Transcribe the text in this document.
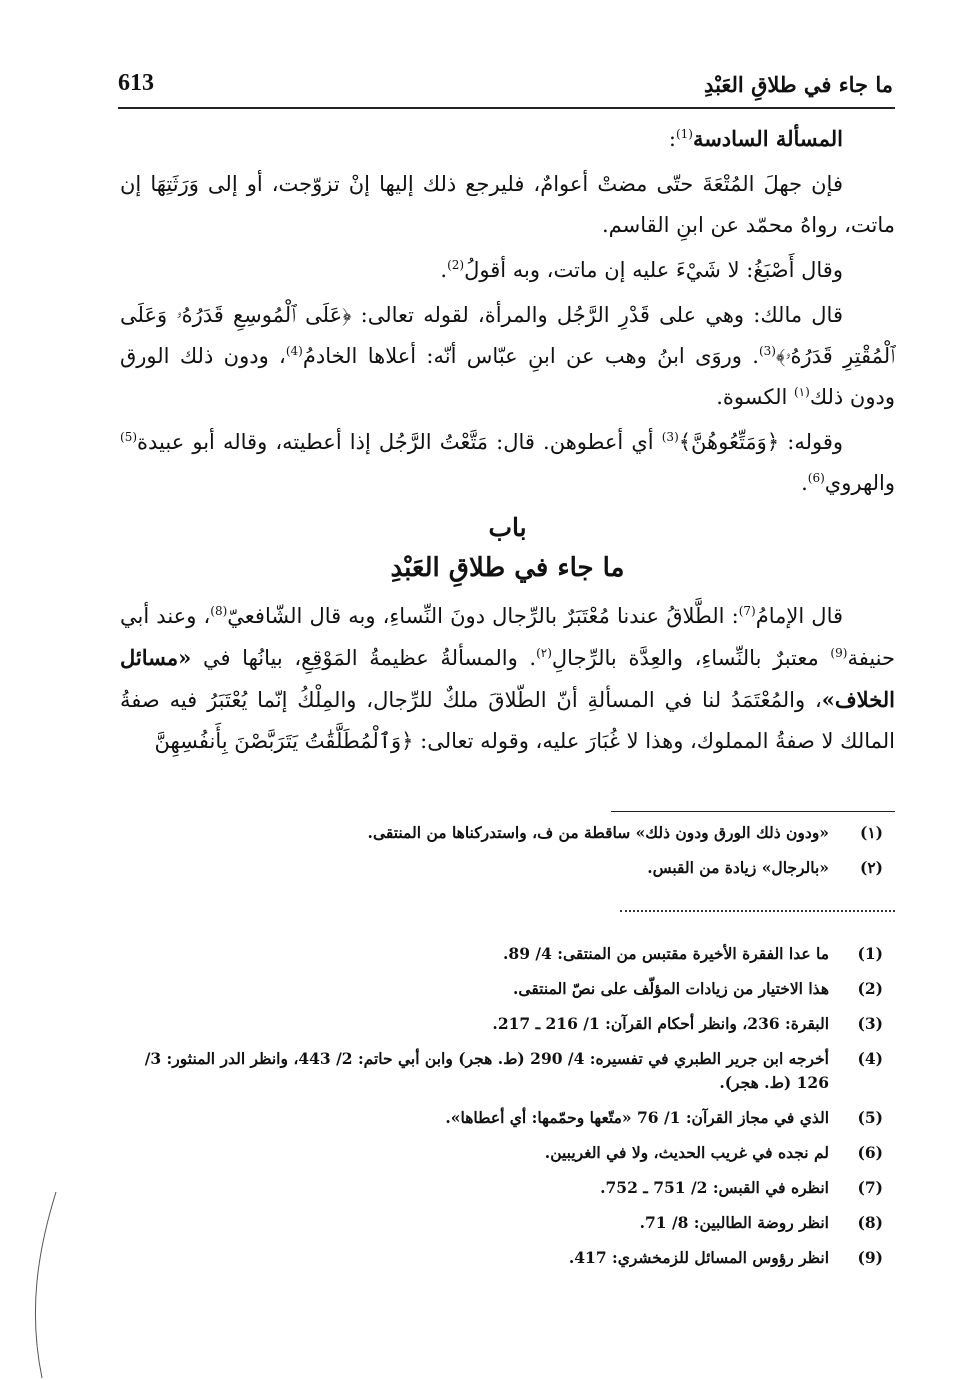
613	ما جاء في طلاقِ العَبْدِ

المسألة السادسة$^{(1)}$:

فإن جهلَ المُتْعَةَ حتّى مضتْ أعوامٌ، فليرجع ذلك إليها إنْ تزوّجت، أو إلى وَرَثَتِهَا إن ماتت، رواهُ محمّد عن ابنِ القاسم.

وقال أَصْبَغُ: لا شَيْءَ عليه إن ماتت، وبه أقولُ$^{(2)}$.

قال مالك: وهي على قَدْرِ الرَّجُل والمرأة، لقوله تعالى: ﴿عَلَى ٱلْمُوسِعِ قَدَرُهُۥ وَعَلَى ٱلْمُقْتِرِ قَدَرُهُۥ﴾$^{(3)}$. وروَى ابنُ وهب عن ابنِ عبّاس أنّه: أعلاها الخادمُ$^{(4)}$، ودون ذلك الورق ودون ذلك$^{(١)}$ الكسوة.

وقوله: ﴿وَمَتِّعُوهُنَّ﴾$^{(3)}$ أي أعطوهن. قال: مَتَّعْتُ الرَّجُل إذا أعطيته، وقاله أبو عبيدة$^{(5)}$ والهروي$^{(6)}$.

باب
ما جاء في طلاقِ العَبْدِ

قال الإمامُ$^{(7)}$: الطَّلاقُ عندنا مُعْتَبَرٌ بالرِّجال دونَ النِّساءِ، وبه قال الشّافعيّ$^{(8)}$، وعند أبي حنيفة$^{(9)}$ معتبرٌ بالنِّساءِ، والعِدَّة بالرِّجالِ$^{(٢)}$. والمسألةُ عظيمةُ المَوْقِعِ، بيانُها في «مسائل الخلاف»، والمُعْتَمَدُ لنا في المسألةِ أنّ الطّلاقَ ملكٌ للرِّجال، والمِلْكُ إنّما يُعْتَبَرُ فيه صفةُ المالك لا صفةُ المملوك، وهذا لا غُبَارَ عليه، وقوله تعالى: ﴿وَٱلْمُطَلَّقَٰتُ يَتَرَبَّصْنَ بِأَنفُسِهِنَّ

(١)
«ودون ذلك الورق ودون ذلك» ساقطة من ف، واستدركناها من المنتقى.
(٢)
«بالرجال» زيادة من القبس.
(1)
ما عدا الفقرة الأخيرة مقتبس من المنتقى: 4/ 89.
(2)
هذا الاختيار من زيادات المؤلّف على نصّ المنتقى.
(3)
البقرة: 236، وانظر أحكام القرآن: 1/ 216 ـ 217.
(4)
أخرجه ابن جرير الطبري في تفسيره: 4/ 290 (ط. هجر) وابن أبي حاتم: 2/ 443، وانظر الدر المنثور: 3/ 126 (ط. هجر).
(5)
الذي في مجاز القرآن: 1/ 76 «متّعها وحمّمها: أي أعطاها».
(6)
لم نجده في غريب الحديث، ولا في الغريبين.
(7)
انظره في القبس: 2/ 751 ـ 752.
(8)
انظر روضة الطالبين: 8/ 71.
(9)
انظر رؤوس المسائل للزمخشري: 417.
